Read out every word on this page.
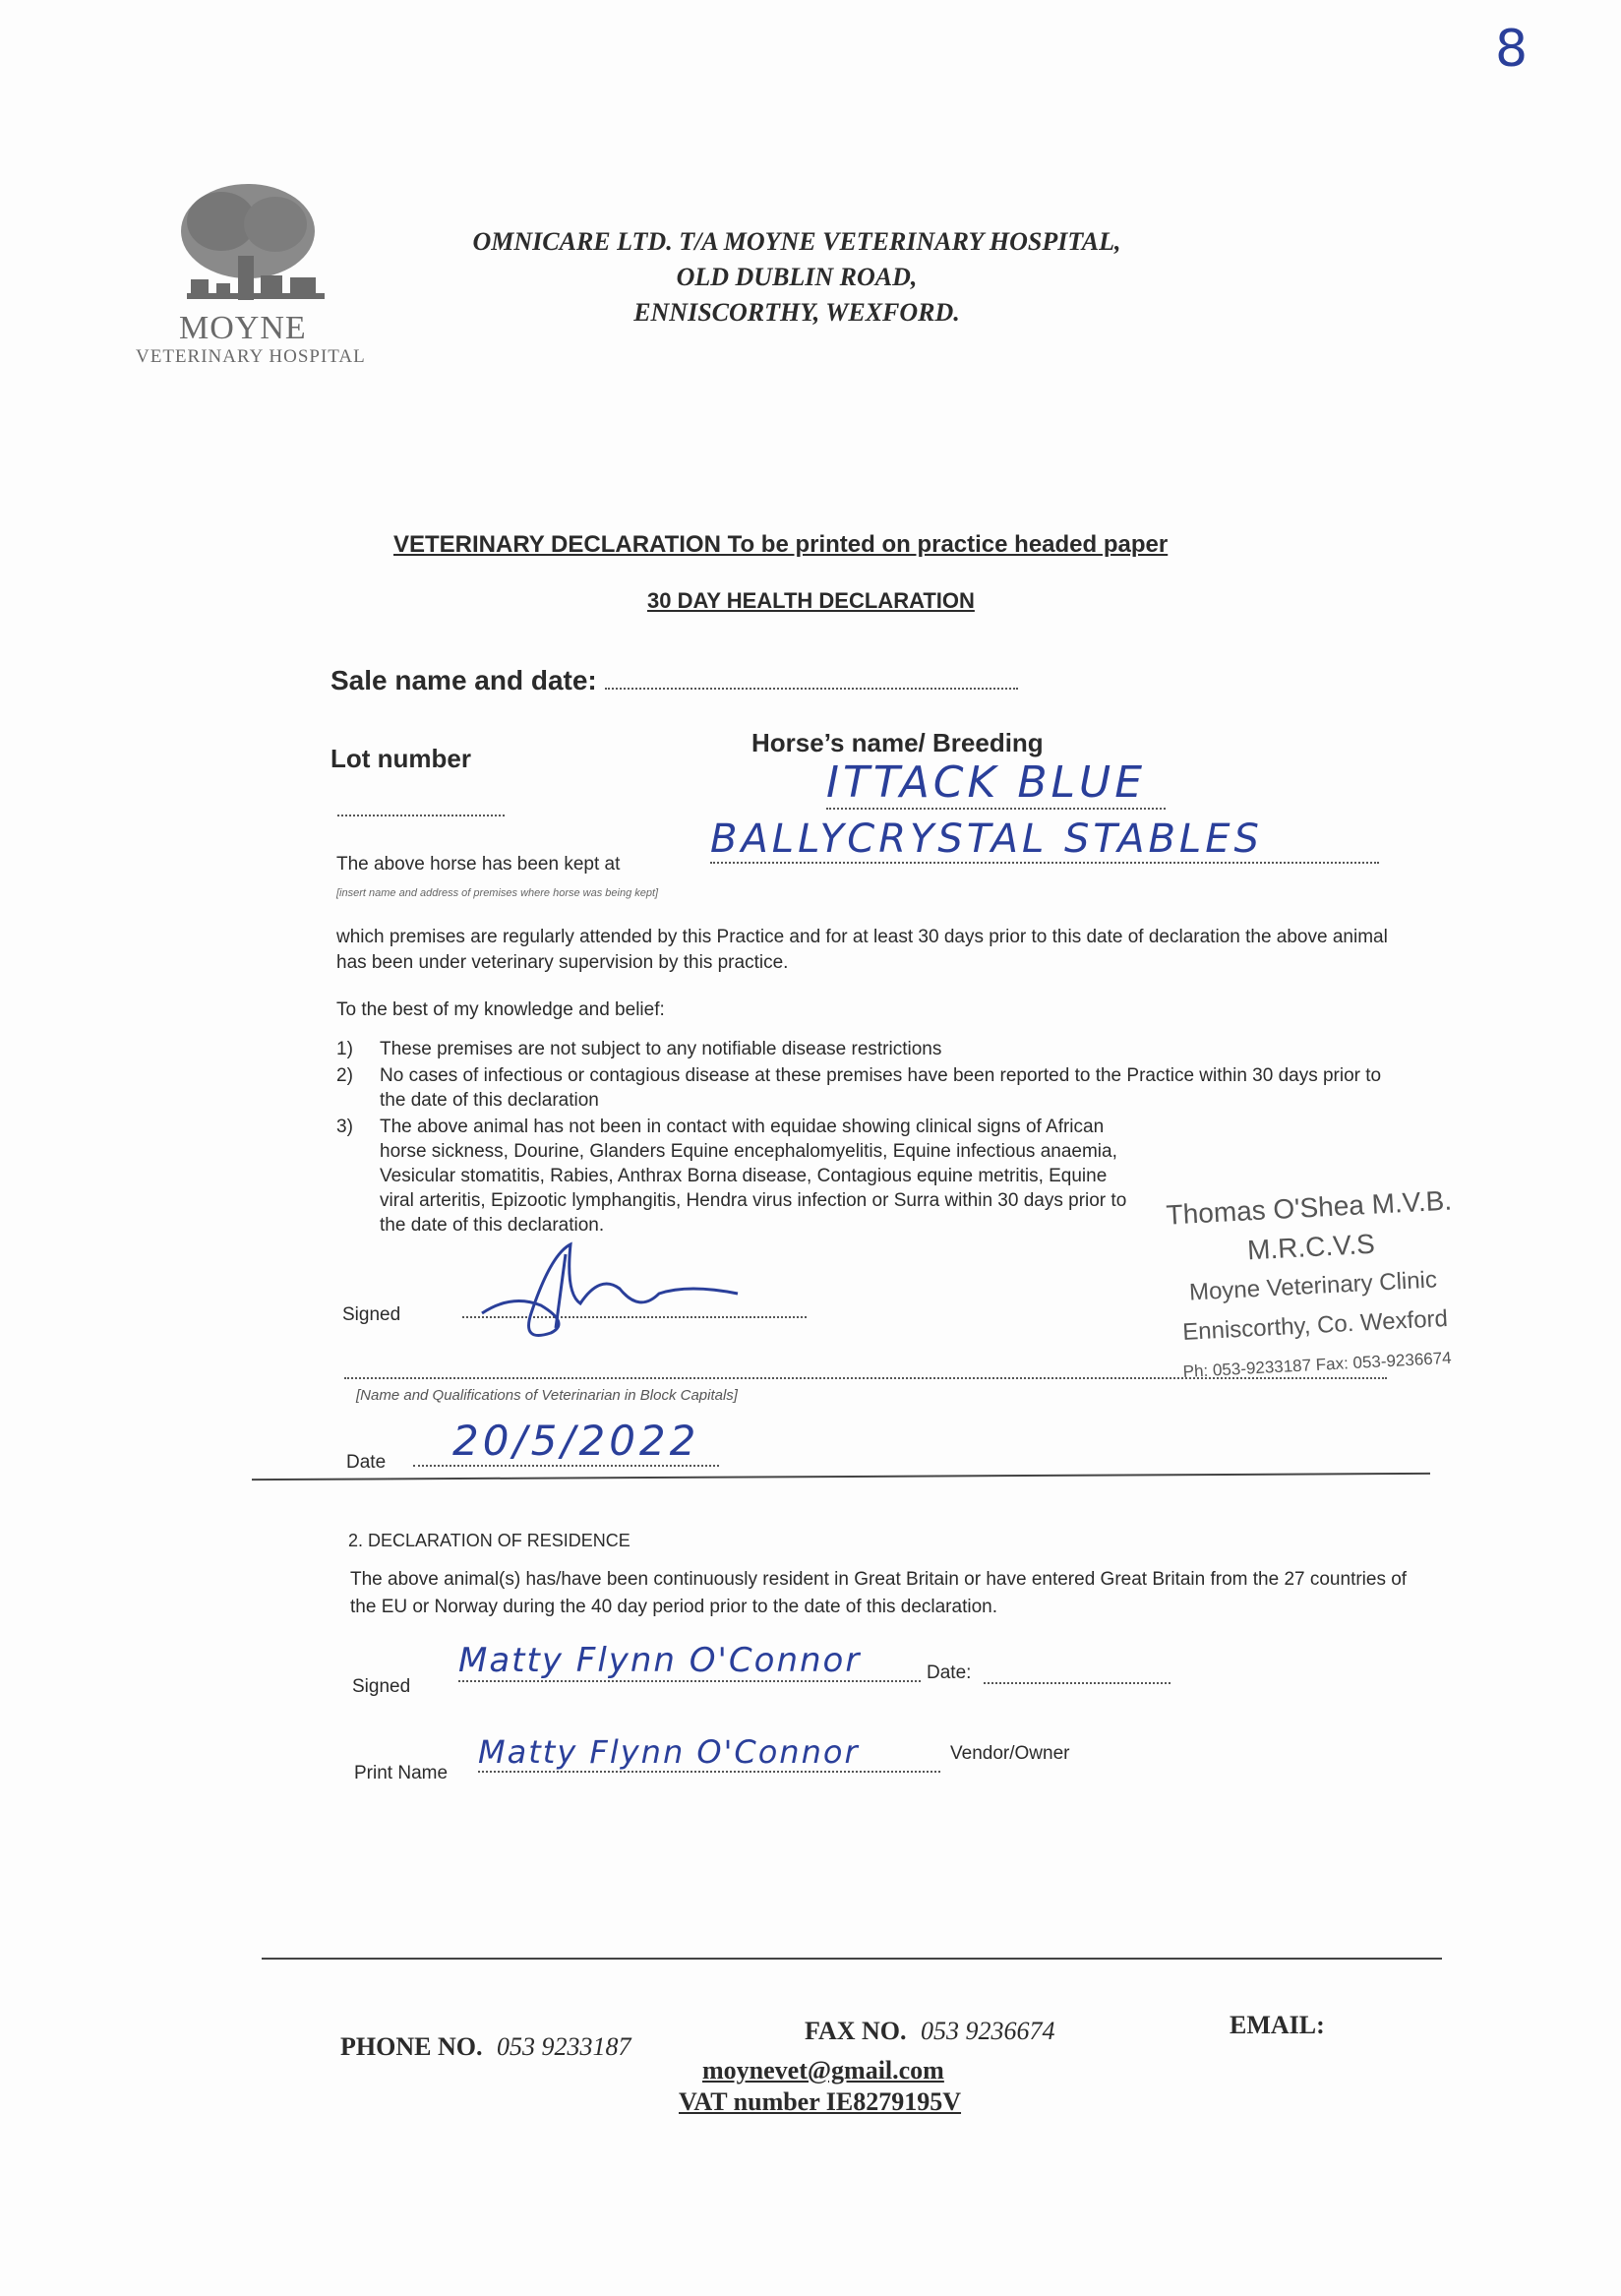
8
MOYNE
VETERINARY HOSPITAL
OMNICARE LTD. T/A MOYNE VETERINARY HOSPITAL,
OLD DUBLIN ROAD,
ENNISCORTHY, WEXFORD.
VETERINARY DECLARATION To be printed on practice headed paper
30 DAY HEALTH DECLARATION
Sale name and date:
Lot number
Horse’s name/ Breeding
ITTACK BLUE
The above horse has been kept at
BALLYCRYSTAL STABLES
[insert name and address of premises where horse was being kept]
which premises are regularly attended by this Practice and for at least 30 days prior to this date of declaration the above animal has been under veterinary supervision by this practice.
To the best of my knowledge and belief:
1)	These premises are not subject to any notifiable disease restrictions
2)	No cases of infectious or contagious disease at these premises have been reported to the Practice within 30 days prior to the date of this declaration
3)	The above animal has not been in contact with equidae showing clinical signs of African horse sickness, Dourine, Glanders Equine encephalomyelitis, Equine infectious anaemia, Vesicular stomatitis, Rabies, Anthrax Borna disease, Contagious equine metritis, Equine viral arteritis, Epizootic lymphangitis, Hendra virus infection or Surra within 30 days prior to the date of this declaration.	Thomas O'Shea M.V.B. M.R.C.V.S
Moyne Veterinary Clinic
Enniscorthy, Co. Wexford
Ph: 053-9233187 Fax: 053-9236674
Signed
[Name and Qualifications of Veterinarian in Block Capitals]
Date	20/5/2022
2. DECLARATION OF RESIDENCE
The above animal(s) has/have been continuously resident in Great Britain or have entered Great Britain from the 27 countries of the EU or Norway during the 40 day period prior to the date of this declaration.
Signed
Matty Flynn O'Connor	Date:
Print Name
Matty Flynn O'Connor	Vendor/Owner
PHONE NO. 053 9233187
FAX NO. 053 9236674	EMAIL:
moynevet@gmail.com
VAT number IE8279195V
